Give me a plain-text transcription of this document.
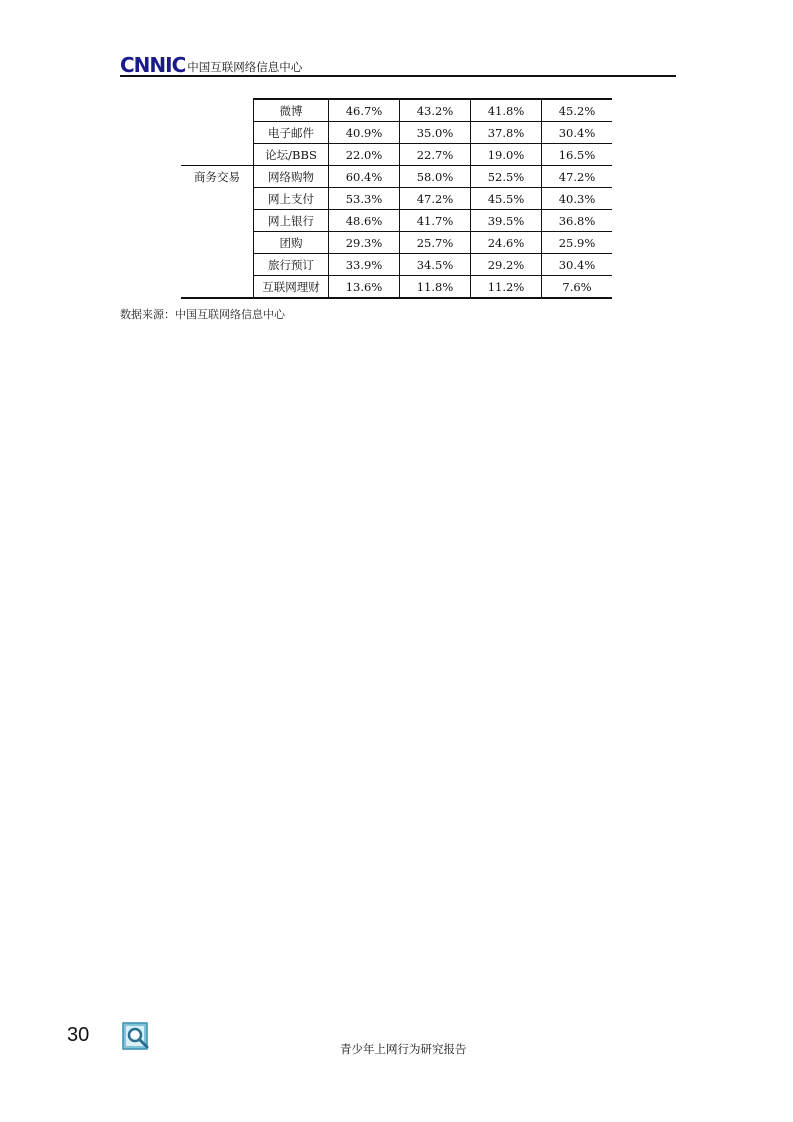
CNNIC 中国互联网络信息中心
	微博	46.7%	43.2%	41.8%	45.2%
	电子邮件	40.9%	35.0%	37.8%	30.4%
	论坛/BBS	22.0%	22.7%	19.0%	16.5%
商务交易	网络购物	60.4%	58.0%	52.5%	47.2%
	网上支付	53.3%	47.2%	45.5%	40.3%
	网上银行	48.6%	41.7%	39.5%	36.8%
	团购	29.3%	25.7%	24.6%	25.9%
	旅行预订	33.9%	34.5%	29.2%	30.4%
	互联网理财	13.6%	11.8%	11.2%	7.6%
数据来源：中国互联网络信息中心
30
青少年上网行为研究报告
